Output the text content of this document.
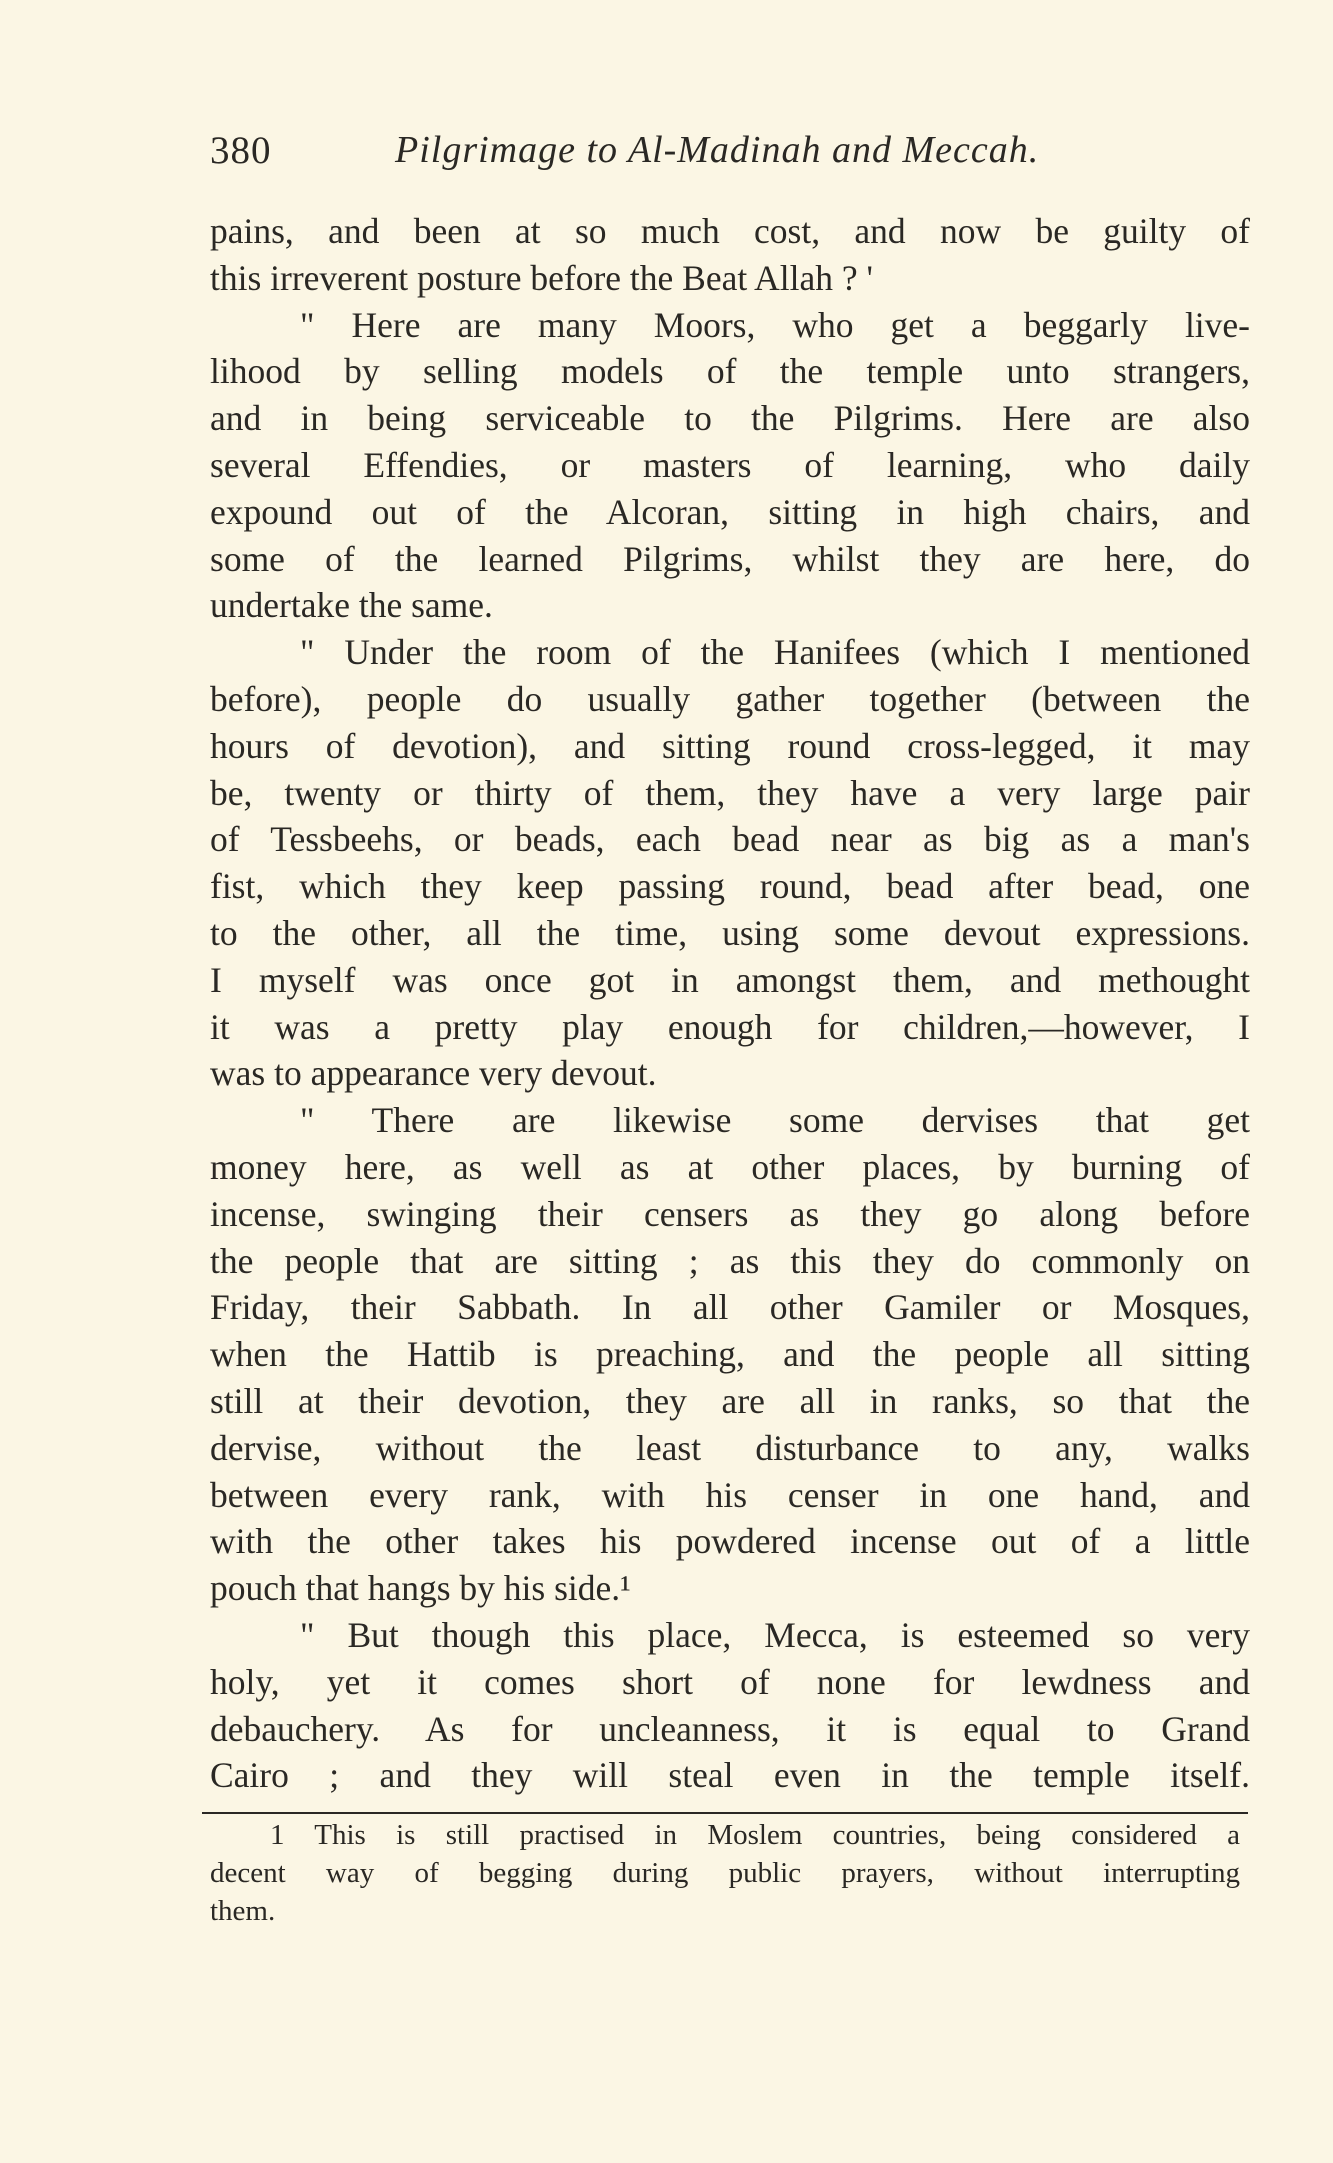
380	Pilgrimage to Al-Madinah and Meccah.
pains, and been at so much cost, and now be guilty of
this irreverent posture before the Beat Allah ? '
" Here are many Moors, who get a beggarly live-
lihood by selling models of the temple unto strangers,
and in being serviceable to the Pilgrims. Here are also
several Effendies, or masters of learning, who daily
expound out of the Alcoran, sitting in high chairs, and
some of the learned Pilgrims, whilst they are here, do
undertake the same.
" Under the room of the Hanifees (which I mentioned
before), people do usually gather together (between the
hours of devotion), and sitting round cross-legged, it may
be, twenty or thirty of them, they have a very large pair
of Tessbeehs, or beads, each bead near as big as a man's
fist, which they keep passing round, bead after bead, one
to the other, all the time, using some devout expressions.
I myself was once got in amongst them, and methought
it was a pretty play enough for children,—however, I
was to appearance very devout.
" There are likewise some dervises that get
money here, as well as at other places, by burning of
incense, swinging their censers as they go along before
the people that are sitting ; as this they do commonly on
Friday, their Sabbath. In all other Gamiler or Mosques,
when the Hattib is preaching, and the people all sitting
still at their devotion, they are all in ranks, so that the
dervise, without the least disturbance to any, walks
between every rank, with his censer in one hand, and
with the other takes his powdered incense out of a little
pouch that hangs by his side.¹
" But though this place, Mecca, is esteemed so very
holy, yet it comes short of none for lewdness and
debauchery. As for uncleanness, it is equal to Grand
Cairo ; and they will steal even in the temple itself.
1 This is still practised in Moslem countries, being considered a
decent way of begging during public prayers, without interrupting
them.
